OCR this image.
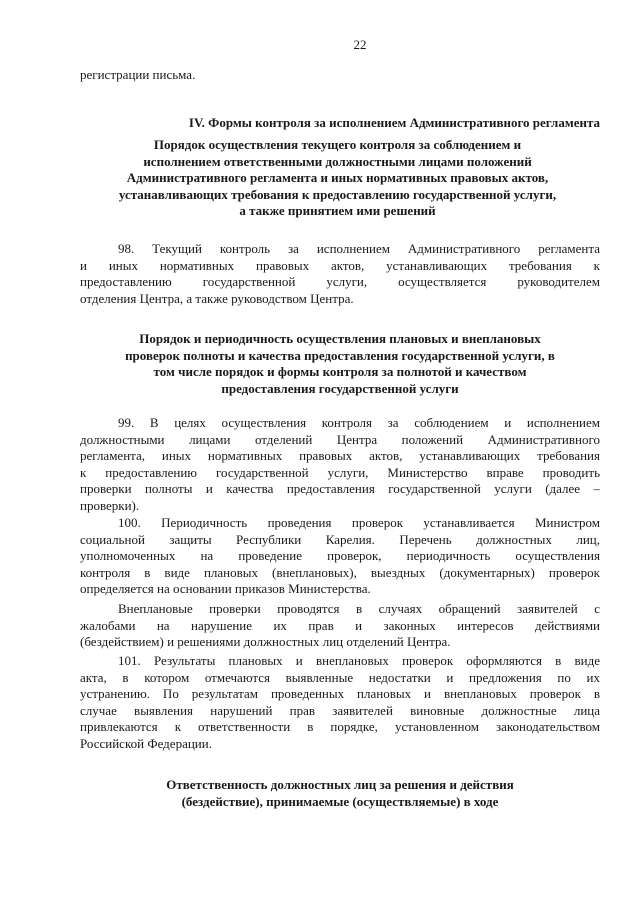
22
регистрации письма.
IV. Формы контроля за исполнением Административного регламента
Порядок осуществления текущего контроля за соблюдением и
исполнением ответственными должностными лицами положений
Административного регламента и иных нормативных правовых актов,
устанавливающих требования к предоставлению государственной услуги,
а также принятием ими решений
98. Текущий контроль за исполнением Административного регламента
и иных нормативных правовых актов, устанавливающих требования к
предоставлению государственной услуги, осуществляется руководителем
отделения Центра, а также руководством Центра.
Порядок и периодичность осуществления плановых и внеплановых
проверок полноты и качества предоставления государственной услуги, в
том числе порядок и формы контроля за полнотой и качеством
предоставления государственной услуги
99. В целях осуществления контроля за соблюдением и исполнением
должностными лицами отделений Центра положений Административного
регламента, иных нормативных правовых актов, устанавливающих требования
к предоставлению государственной услуги, Министерство вправе проводить
проверки полноты и качества предоставления государственной услуги (далее –
проверки).
100. Периодичность проведения проверок устанавливается Министром
социальной защиты Республики Карелия. Перечень должностных лиц,
уполномоченных на проведение проверок, периодичность осуществления
контроля в виде плановых (внеплановых), выездных (документарных) проверок
определяется на основании приказов Министерства.
Внеплановые проверки проводятся в случаях обращений заявителей с
жалобами на нарушение их прав и законных интересов действиями
(бездействием) и решениями должностных лиц отделений Центра.
101. Результаты плановых и внеплановых проверок оформляются в виде
акта, в котором отмечаются выявленные недостатки и предложения по их
устранению. По результатам проведенных плановых и внеплановых проверок в
случае выявления нарушений прав заявителей виновные должностные лица
привлекаются к ответственности в порядке, установленном законодательством
Российской Федерации.
Ответственность должностных лиц за решения и действия
(бездействие), принимаемые (осуществляемые) в ходе
